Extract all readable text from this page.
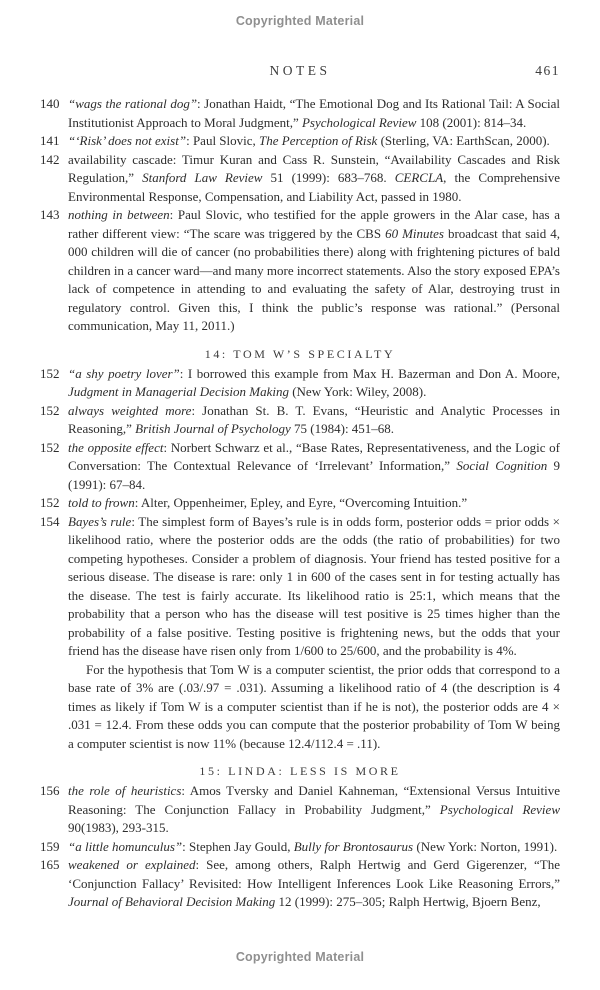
Copyrighted Material
NOTES	461
140 “wags the rational dog”: Jonathan Haidt, “The Emotional Dog and Its Rational Tail: A Social Institutionist Approach to Moral Judgment,” Psychological Review 108 (2001): 814–34.

141 “‘Risk’ does not exist”: Paul Slovic, The Perception of Risk (Sterling, VA: EarthScan, 2000).

142 availability cascade: Timur Kuran and Cass R. Sunstein, “Availability Cascades and Risk Regulation,” Stanford Law Review 51 (1999): 683–768. CERCLA, the Comprehensive Environmental Response, Compensation, and Liability Act, passed in 1980.

143 nothing in between: Paul Slovic, who testified for the apple growers in the Alar case, has a rather different view: “The scare was triggered by the CBS 60 Minutes broadcast that said 4, 000 children will die of cancer (no probabilities there) along with frightening pictures of bald children in a cancer ward—and many more incorrect statements. Also the story exposed EPA’s lack of competence in attending to and evaluating the safety of Alar, destroying trust in regulatory control. Given this, I think the public’s response was rational.” (Personal communication, May 11, 2011.)

14: TOM W’S SPECIALTY
152 “a shy poetry lover”: I borrowed this example from Max H. Bazerman and Don A. Moore, Judgment in Managerial Decision Making (New York: Wiley, 2008).

152 always weighted more: Jonathan St. B. T. Evans, “Heuristic and Analytic Processes in Reasoning,” British Journal of Psychology 75 (1984): 451–68.

152 the opposite effect: Norbert Schwarz et al., “Base Rates, Representativeness, and the Logic of Conversation: The Contextual Relevance of ‘Irrelevant’ Information,” Social Cognition 9 (1991): 67–84.

152 told to frown: Alter, Oppenheimer, Epley, and Eyre, “Overcoming Intuition.”

154 Bayes’s rule: The simplest form of Bayes’s rule is in odds form, posterior odds = prior odds × likelihood ratio, where the posterior odds are the odds (the ratio of probabilities) for two competing hypotheses. Consider a problem of diagnosis. Your friend has tested positive for a serious disease. The disease is rare: only 1 in 600 of the cases sent in for testing actually has the disease. The test is fairly accurate. Its likelihood ratio is 25:1, which means that the probability that a person who has the disease will test positive is 25 times higher than the probability of a false positive. Testing positive is frightening news, but the odds that your friend has the disease have risen only from 1/600 to 25/600, and the probability is 4%.

For the hypothesis that Tom W is a computer scientist, the prior odds that correspond to a base rate of 3% are (.03/.97 = .031). Assuming a likelihood ratio of 4 (the description is 4 times as likely if Tom W is a computer scientist than if he is not), the posterior odds are 4 × .031 = 12.4. From these odds you can compute that the posterior probability of Tom W being a computer scientist is now 11% (because 12.4/112.4 = .11).

15: LINDA: LESS IS MORE
156 the role of heuristics: Amos Tversky and Daniel Kahneman, “Extensional Versus Intuitive Reasoning: The Conjunction Fallacy in Probability Judgment,” Psychological Review 90(1983), 293-315.

159 “a little homunculus”: Stephen Jay Gould, Bully for Brontosaurus (New York: Norton, 1991).

165 weakened or explained: See, among others, Ralph Hertwig and Gerd Gigerenzer, “The ‘Conjunction Fallacy’ Revisited: How Intelligent Inferences Look Like Reasoning Errors,” Journal of Behavioral Decision Making 12 (1999): 275–305; Ralph Hertwig, Bjoern Benz,

Copyrighted Material
